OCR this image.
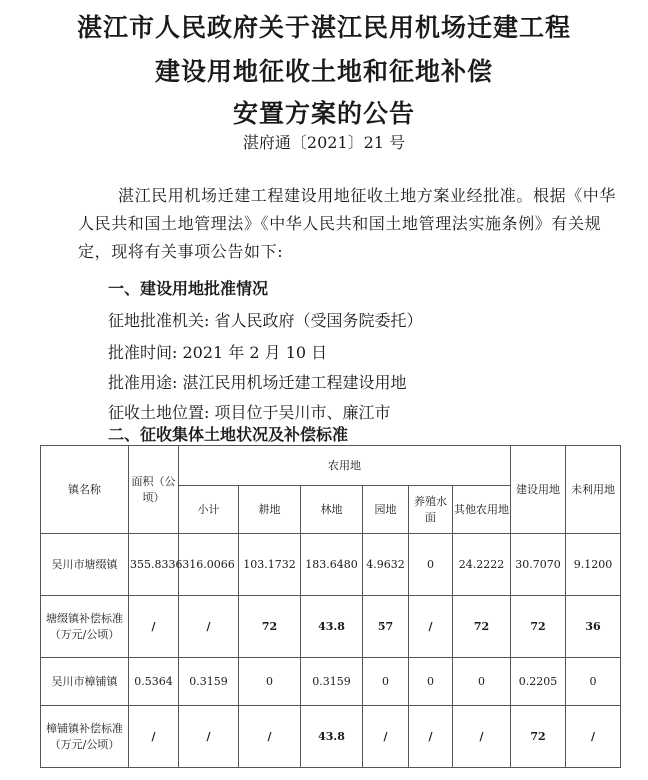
湛江市人民政府关于湛江民用机场迁建工程
建设用地征收土地和征地补偿
安置方案的公告
湛府通〔2021〕21 号
湛江民用机场迁建工程建设用地征收土地方案业经批准。根据《中华人民共和国土地管理法》《中华人民共和国土地管理法实施条例》有关规定，现将有关事项公告如下:
一、建设用地批准情况
征地批准机关: 省人民政府（受国务院委托）
批准时间: 2021 年 2 月 10 日
批准用途: 湛江民用机场迁建工程建设用地
征收土地位置: 项目位于吴川市、廉江市
二、征收集体土地状况及补偿标准
镇名称	面积（公顷）	农用地						建设用地	未利用地
		小计	耕地	林地	园地	养殖水面	其他农用地		
吴川市塘缀镇	355.8336	316.0066	103.1732	183.6480	4.9632	0	24.2222	30.7070	9.1200
塘缀镇补偿标准（万元/公顷）	/	/	72	43.8	57	/	72	72	36
吴川市樟铺镇	0.5364	0.3159	0	0.3159	0	0	0	0.2205	0
樟铺镇补偿标准（万元/公顷）	/	/	/	43.8	/	/	/	72	/
